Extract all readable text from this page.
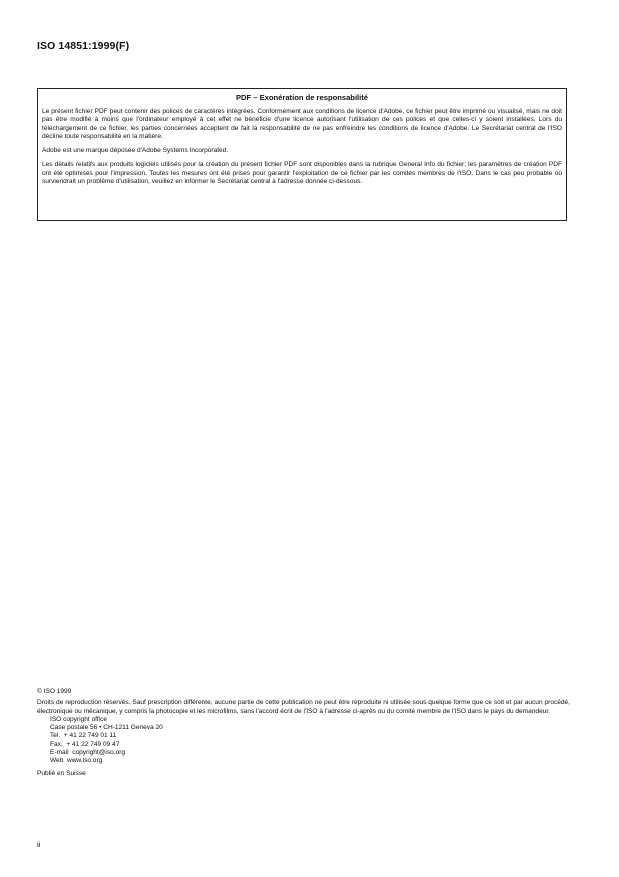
ISO 14851:1999(F)
PDF – Exonération de responsabilité

Le présent fichier PDF peut contenir des polices de caractères intégrées. Conformément aux conditions de licence d'Adobe, ce fichier peut être imprimé ou visualisé, mais ne doit pas être modifié à moins que l'ordinateur employé à cet effet ne bénéficie d'une licence autorisant l'utilisation de ces polices et que celles-ci y soient installées. Lors du téléchargement de ce fichier, les parties concernées acceptent de fait la responsabilité de ne pas enfreindre les conditions de licence d'Adobe. Le Secrétariat central de l'ISO décline toute responsabilité en la matière.

Adobe est une marque déposée d'Adobe Systems Incorporated.

Les détails relatifs aux produits logiciels utilisés pour la création du présent fichier PDF sont disponibles dans la rubrique General Info du fichier; les paramètres de création PDF ont été optimisés pour l'impression. Toutes les mesures ont été prises pour garantir l'exploitation de ce fichier par les comités membres de l'ISO. Dans le cas peu probable où surviendrait un problème d'utilisation, veuillez en informer le Secrétariat central à l'adresse donnée ci-dessous.

© ISO 1999

Droits de reproduction réservés. Sauf prescription différente, aucune partie de cette publication ne peut être reproduite ni utilisée sous quelque forme que ce soit et par aucun procédé, électronique ou mécanique, y compris la photocopie et les microfilms, sans l'accord écrit de l'ISO à l'adresse ci-après ou du comité membre de l'ISO dans le pays du demandeur.

ISO copyright office
Case postale 56 • CH-1211 Geneva 20
Tel.  + 41 22 749 01 11
Fax.  + 41 22 749 09 47
E-mail  copyright@iso.org
Web  www.iso.org

Publié en Suisse

ii
